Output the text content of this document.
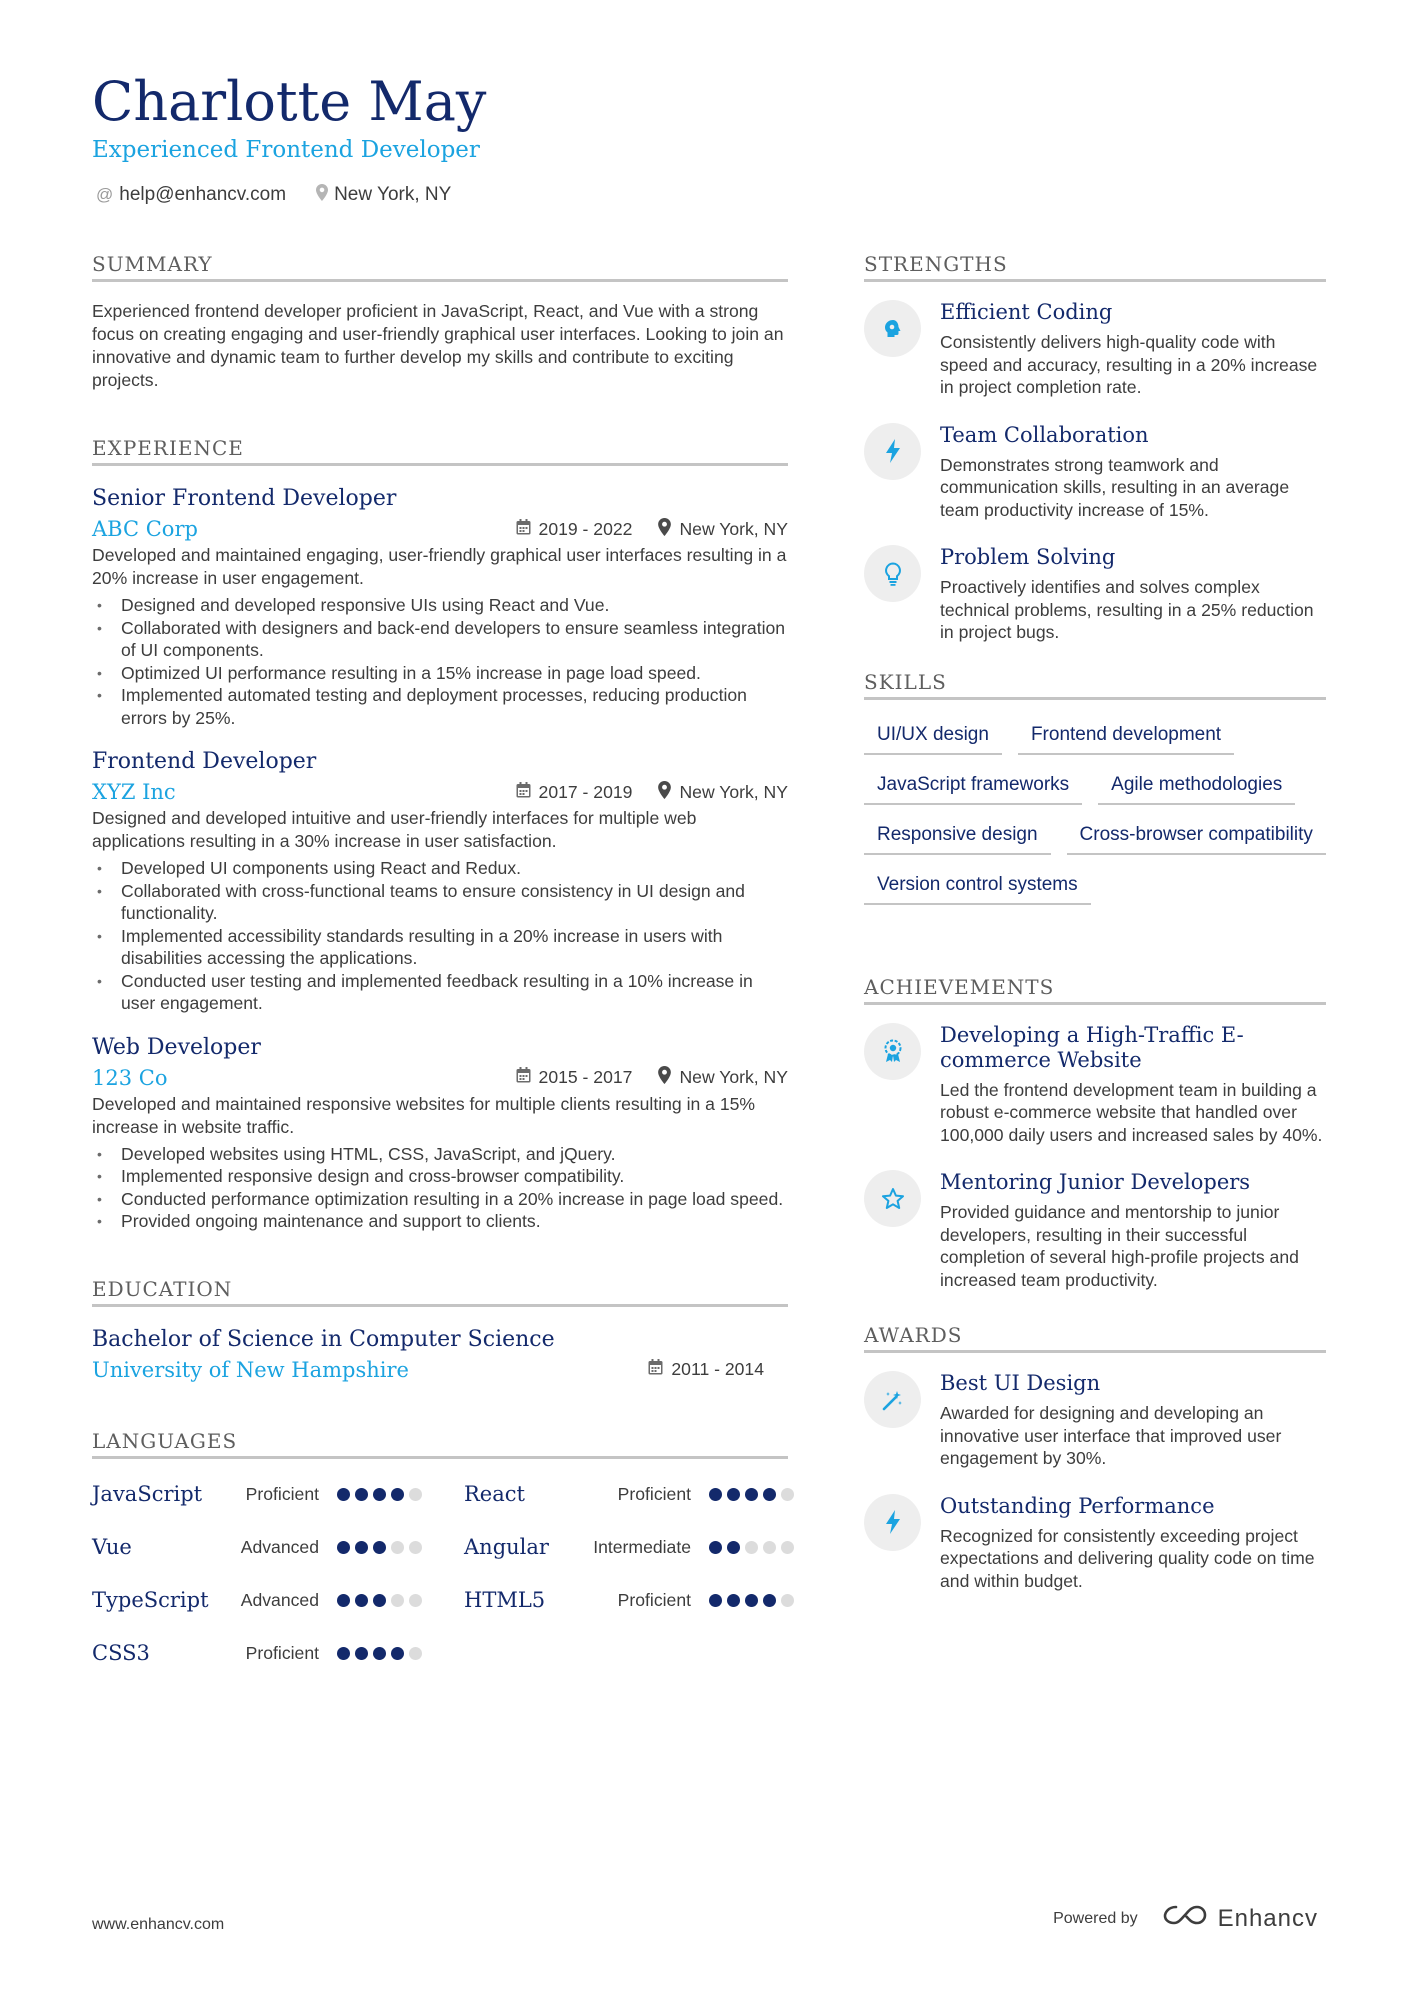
Charlotte May
Experienced Frontend Developer
@ help@enhancv.com	New York, NY
SUMMARY

Experienced frontend developer proficient in JavaScript, React, and Vue with a strong focus on creating engaging and user-friendly graphical user interfaces. Looking to join an innovative and dynamic team to further develop my skills and contribute to exciting projects.

EXPERIENCE
Senior Frontend Developer
ABC Corp	2019 - 2022	New York, NY

Developed and maintained engaging, user-friendly graphical user interfaces resulting in a 20% increase in user engagement.

• Designed and developed responsive UIs using React and Vue.
• Collaborated with designers and back-end developers to ensure seamless integration of UI components.
• Optimized UI performance resulting in a 15% increase in page load speed.
• Implemented automated testing and deployment processes, reducing production errors by 25%.
Frontend Developer
XYZ Inc	2017 - 2019	New York, NY

Designed and developed intuitive and user-friendly interfaces for multiple web applications resulting in a 30% increase in user satisfaction.

• Developed UI components using React and Redux.
• Collaborated with cross-functional teams to ensure consistency in UI design and functionality.
• Implemented accessibility standards resulting in a 20% increase in users with disabilities accessing the applications.
• Conducted user testing and implemented feedback resulting in a 10% increase in user engagement.
Web Developer
123 Co	2015 - 2017	New York, NY

Developed and maintained responsive websites for multiple clients resulting in a 15% increase in website traffic.

• Developed websites using HTML, CSS, JavaScript, and jQuery.
• Implemented responsive design and cross-browser compatibility.
• Conducted performance optimization resulting in a 20% increase in page load speed.
• Provided ongoing maintenance and support to clients.
EDUCATION
Bachelor of Science in Computer Science
University of New Hampshire	2011 - 2014
LANGUAGES
JavaScript	Proficient	React	Proficient
Vue	Advanced	Angular	Intermediate
TypeScript	Advanced	HTML5	Proficient
CSS3	Proficient
STRENGTHS
Efficient Coding
Consistently delivers high-quality code with speed and accuracy, resulting in a 20% increase in project completion rate.
Team Collaboration
Demonstrates strong teamwork and communication skills, resulting in an average team productivity increase of 15%.
Problem Solving
Proactively identifies and solves complex technical problems, resulting in a 25% reduction in project bugs.
SKILLS
UI/UX design	Frontend development
JavaScript frameworks	Agile methodologies
Responsive design	Cross-browser compatibility
Version control systems
ACHIEVEMENTS
Developing a High-Traffic E-commerce Website
Led the frontend development team in building a robust e-commerce website that handled over 100,000 daily users and increased sales by 40%.
Mentoring Junior Developers
Provided guidance and mentorship to junior developers, resulting in their successful completion of several high-profile projects and increased team productivity.
AWARDS
Best UI Design
Awarded for designing and developing an innovative user interface that improved user engagement by 30%.
Outstanding Performance
Recognized for consistently exceeding project expectations and delivering quality code on time and within budget.
www.enhancv.com	Powered by	Enhancv
